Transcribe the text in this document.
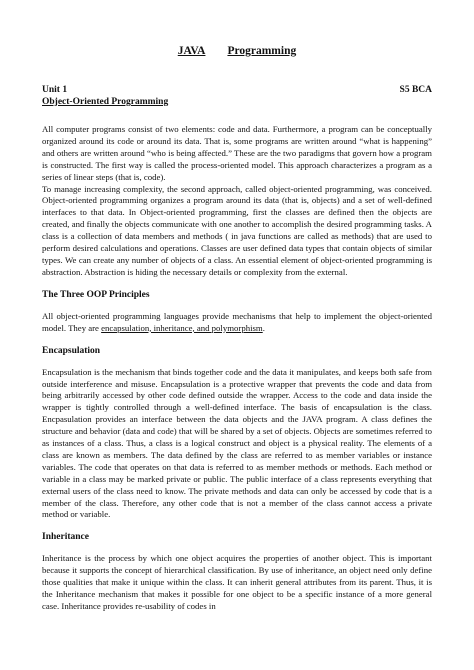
JAVA Programming
Unit 1	S5 BCA
Object-Oriented Programming

All computer programs consist of two elements: code and data. Furthermore, a program can be conceptually organized around its code or around its data. That is, some programs are written around “what is happening” and others are written around “who is being affected.” These are the two paradigms that govern how a program is constructed. The first way is called the process-oriented model. This approach characterizes a program as a series of linear steps (that is, code).

To manage increasing complexity, the second approach, called object-oriented programming, was conceived. Object-oriented programming organizes a program around its data (that is, objects) and a set of well-defined interfaces to that data. In Object-oriented programming, first the classes are defined then the objects are created, and finally the objects communicate with one another to accomplish the desired programming tasks. A class is a collection of data members and methods ( in java functions are called as methods) that are used to perform desired calculations and operations. Classes are user defined data types that contain objects of similar types. We can create any number of objects of a class. An essential element of object-oriented programming is abstraction. Abstraction is hiding the necessary details or complexity from the external.

The Three OOP Principles

All object-oriented programming languages provide mechanisms that help to implement the object-oriented model. They are encapsulation, inheritance, and polymorphism.

Encapsulation

Encapsulation is the mechanism that binds together code and the data it manipulates, and keeps both safe from outside interference and misuse. Encapsulation is a protective wrapper that prevents the code and data from being arbitrarily accessed by other code defined outside the wrapper. Access to the code and data inside the wrapper is tightly controlled through a well-defined interface. The basis of encapsulation is the class. Encpasulation provides an interface between the data objects and the JAVA program. A class defines the structure and behavior (data and code) that will be shared by a set of objects. Objects are sometimes referred to as instances of a class. Thus, a class is a logical construct and object is a physical reality. The elements of a class are known as members. The data defined by the class are referred to as member variables or instance variables. The code that operates on that data is referred to as member methods or methods. Each method or variable in a class may be marked private or public. The public interface of a class represents everything that external users of the class need to know. The private methods and data can only be accessed by code that is a member of the class. Therefore, any other code that is not a member of the class cannot access a private method or variable.

Inheritance

Inheritance is the process by which one object acquires the properties of another object. This is important because it supports the concept of hierarchical classification. By use of inheritance, an object need only define those qualities that make it unique within the class. It can inherit general attributes from its parent. Thus, it is the Inheritance mechanism that makes it possible for one object to be a specific instance of a more general case. Inheritance provides re-usability of codes in
